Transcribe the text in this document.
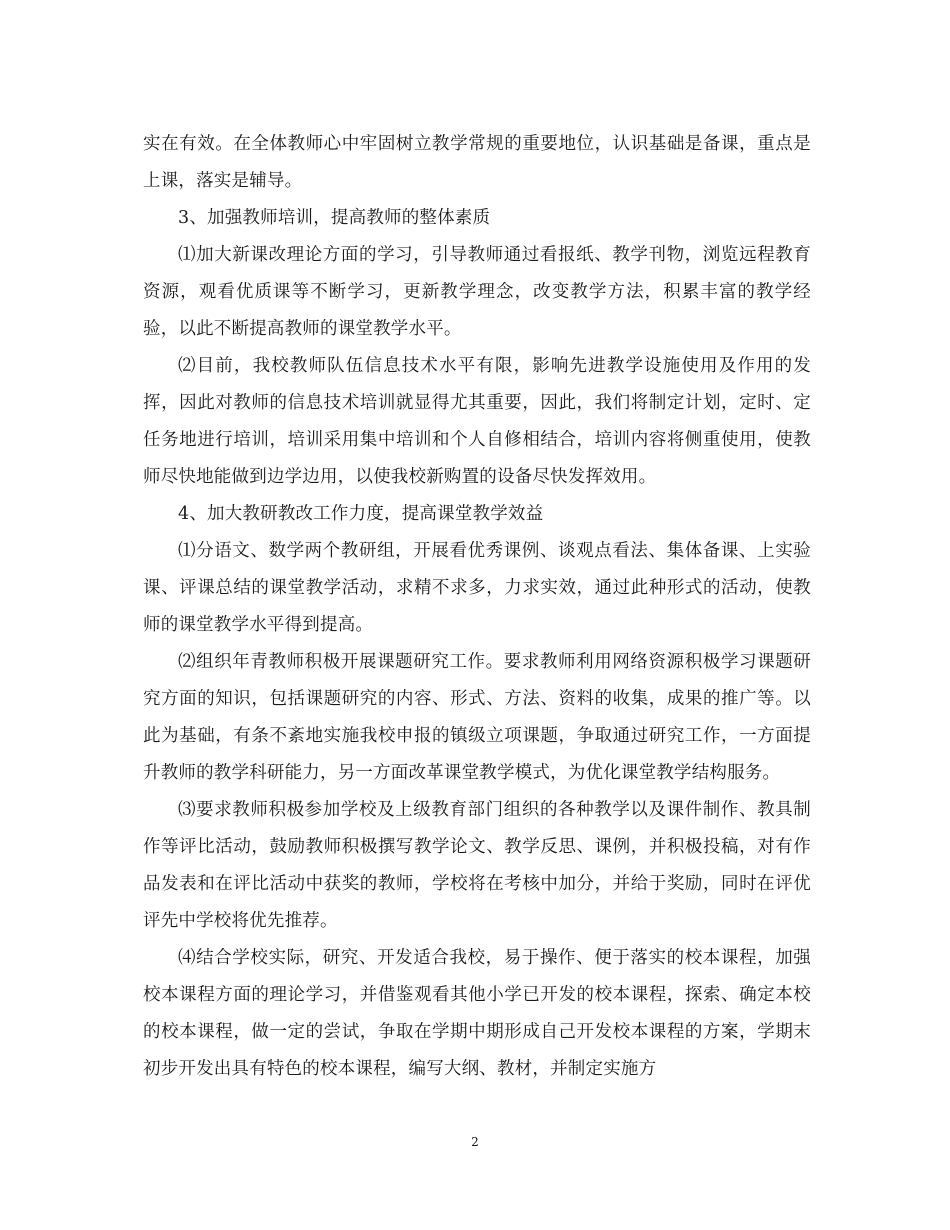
实在有效。在全体教师心中牢固树立教学常规的重要地位，认识基础是备课，重点是上课，落实是辅导。

3、加强教师培训，提高教师的整体素质

⑴加大新课改理论方面的学习，引导教师通过看报纸、教学刊物，浏览远程教育资源，观看优质课等不断学习，更新教学理念，改变教学方法，积累丰富的教学经验，以此不断提高教师的课堂教学水平。

⑵目前，我校教师队伍信息技术水平有限，影响先进教学设施使用及作用的发挥，因此对教师的信息技术培训就显得尤其重要，因此，我们将制定计划，定时、定任务地进行培训，培训采用集中培训和个人自修相结合，培训内容将侧重使用，使教师尽快地能做到边学边用，以使我校新购置的设备尽快发挥效用。

4、加大教研教改工作力度，提高课堂教学效益

⑴分语文、数学两个教研组，开展看优秀课例、谈观点看法、集体备课、上实验课、评课总结的课堂教学活动，求精不求多，力求实效，通过此种形式的活动，使教师的课堂教学水平得到提高。

⑵组织年青教师积极开展课题研究工作。要求教师利用网络资源积极学习课题研究方面的知识，包括课题研究的内容、形式、方法、资料的收集，成果的推广等。以此为基础，有条不紊地实施我校申报的镇级立项课题，争取通过研究工作，一方面提升教师的教学科研能力，另一方面改革课堂教学模式，为优化课堂教学结构服务。

⑶要求教师积极参加学校及上级教育部门组织的各种教学以及课件制作、教具制作等评比活动，鼓励教师积极撰写教学论文、教学反思、课例，并积极投稿，对有作品发表和在评比活动中获奖的教师，学校将在考核中加分，并给于奖励，同时在评优评先中学校将优先推荐。

⑷结合学校实际，研究、开发适合我校，易于操作、便于落实的校本课程，加强校本课程方面的理论学习，并借鉴观看其他小学已开发的校本课程，探索、确定本校的校本课程，做一定的尝试，争取在学期中期形成自己开发校本课程的方案，学期末初步开发出具有特色的校本课程，编写大纲、教材，并制定实施方

2
